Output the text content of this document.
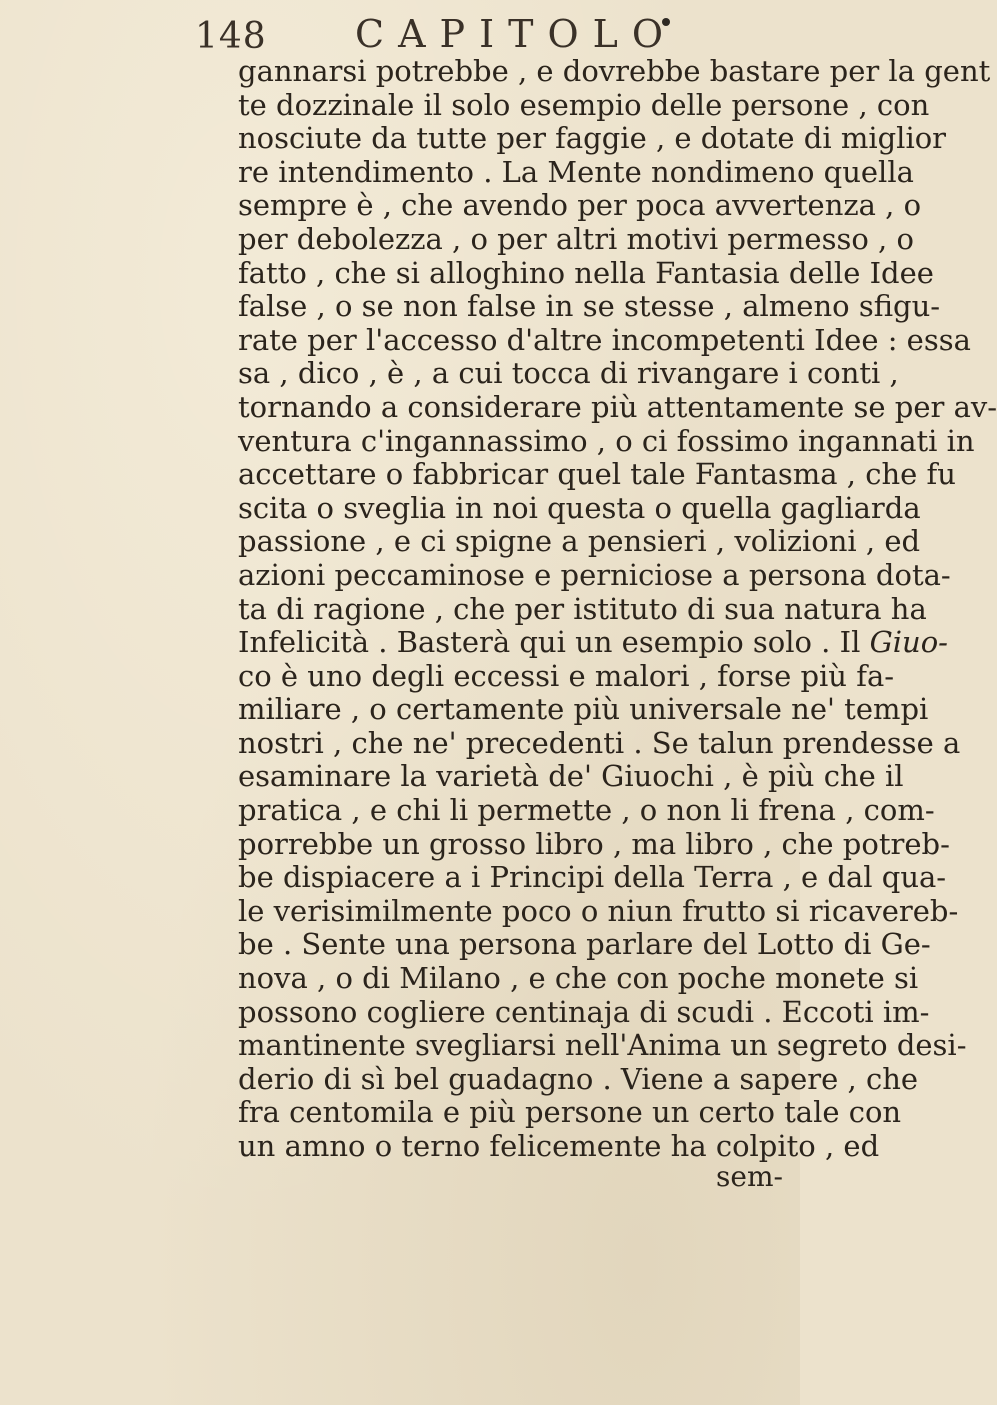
148 CAPITOLO
gannarsi potrebbe , e dovrebbe bastare per la gent
te dozzinale il solo esempio delle persone , con
nosciute da tutte per faggie , e dotate di miglior
re intendimento . La Mente nondimeno quella
sempre è , che avendo per poca avvertenza , o
per debolezza , o per altri motivi permesso , o
fatto , che si alloghino nella Fantasia delle Idee
false , o se non false in se stesse , almeno sfigu-
rate per l'accesso d'altre incompetenti Idee : essa
sa , dico , è , a cui tocca di rivangare i conti ,
tornando a considerare più attentamente se per av-
ventura c'ingannassimo , o ci fossimo ingannati in
accettare o fabbricar quel tale Fantasma , che fu
scita o sveglia in noi questa o quella gagliarda
passione , e ci spigne a pensieri , volizioni , ed
azioni peccaminose e perniciose a persona dota-
ta di ragione , che per istituto di sua natura ha
Infelicità . Basterà qui un esempio solo . Il Giuo-
co è uno degli eccessi e malori , forse più fa-
miliare , o certamente più universale ne' tempi
nostri , che ne' precedenti . Se talun prendesse a
esaminare la varietà de' Giuochi , è più che il
pratica , e chi li permette , o non li frena , com-
porrebbe un grosso libro , ma libro , che potreb-
be dispiacere a i Principi della Terra , e dal qua-
le verisimilmente poco o niun frutto si ricavereb-
be . Sente una persona parlare del Lotto di Ge-
nova , o di Milano , e che con poche monete si
possono cogliere centinaja di scudi . Eccoti im-
mantinente svegliarsi nell'Anima un segreto desi-
derio di sì bel guadagno . Viene a sapere , che
fra centomila e più persone un certo tale con
un amno o terno felicemente ha colpito , ed
sem-
